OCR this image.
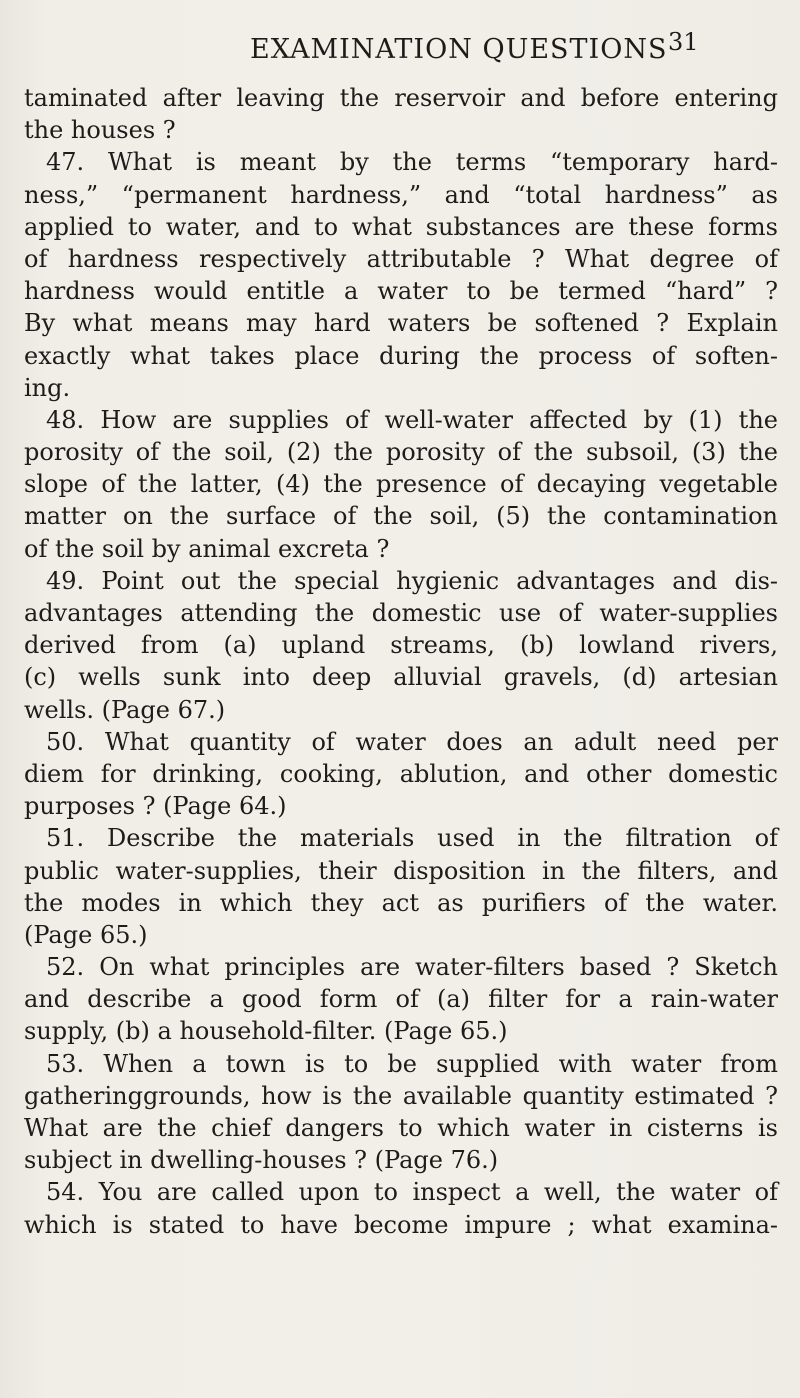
EXAMINATION QUESTIONS 31
taminated after leaving the reservoir and before entering
the houses ?
47. What is meant by the terms “temporary hard-
ness,” “permanent hardness,” and “total hardness” as
applied to water, and to what substances are these forms
of hardness respectively attributable ? What degree of
hardness would entitle a water to be termed “hard” ?
By what means may hard waters be softened ? Explain
exactly what takes place during the process of soften-
ing.
48. How are supplies of well-water affected by (1) the
porosity of the soil, (2) the porosity of the subsoil, (3) the
slope of the latter, (4) the presence of decaying vegetable
matter on the surface of the soil, (5) the contamination
of the soil by animal excreta ?
49. Point out the special hygienic advantages and dis-
advantages attending the domestic use of water-supplies
derived from (a) upland streams, (b) lowland rivers,
(c) wells sunk into deep alluvial gravels, (d) artesian
wells. (Page 67.)
50. What quantity of water does an adult need per
diem for drinking, cooking, ablution, and other domestic
purposes ? (Page 64.)
51. Describe the materials used in the filtration of
public water-supplies, their disposition in the filters, and
the modes in which they act as purifiers of the water.
(Page 65.)
52. On what principles are water-filters based ? Sketch
and describe a good form of (a) filter for a rain-water
supply, (b) a household-filter. (Page 65.)
53. When a town is to be supplied with water from
gatheringgrounds, how is the available quantity estimated ?
What are the chief dangers to which water in cisterns is
subject in dwelling-houses ? (Page 76.)
54. You are called upon to inspect a well, the water of
which is stated to have become impure ; what examina-
